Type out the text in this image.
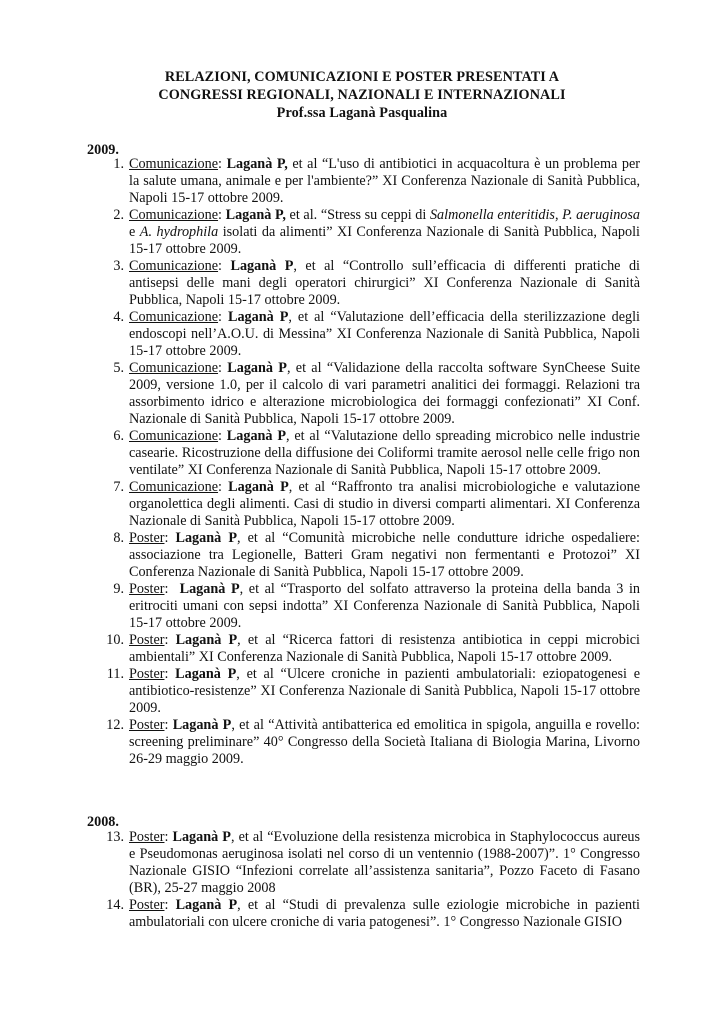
RELAZIONI, COMUNICAZIONI E POSTER PRESENTATI A
CONGRESSI REGIONALI, NAZIONALI E INTERNAZIONALI
Prof.ssa Laganà Pasqualina
2009.
1. Comunicazione: Laganà P, et al “L'uso di antibiotici in acquacoltura è un problema per la salute umana, animale e per l'ambiente?” XI Conferenza Nazionale di Sanità Pubblica, Napoli 15-17 ottobre 2009.
2. Comunicazione: Laganà P, et al. “Stress su ceppi di Salmonella enteritidis, P. aeruginosa e A. hydrophila isolati da alimenti” XI Conferenza Nazionale di Sanità Pubblica, Napoli 15-17 ottobre 2009.
3. Comunicazione: Laganà P, et al “Controllo sull’efficacia di differenti pratiche di antisepsi delle mani degli operatori chirurgici” XI Conferenza Nazionale di Sanità Pubblica, Napoli 15-17 ottobre 2009.
4. Comunicazione: Laganà P, et al “Valutazione dell’efficacia della sterilizzazione degli endoscopi nell’A.O.U. di Messina” XI Conferenza Nazionale di Sanità Pubblica, Napoli 15-17 ottobre 2009.
5. Comunicazione: Laganà P, et al “Validazione della raccolta software SynCheese Suite 2009, versione 1.0, per il calcolo di vari parametri analitici dei formaggi. Relazioni tra assorbimento idrico e alterazione microbiologica dei formaggi confezionati” XI Conf. Nazionale di Sanità Pubblica, Napoli 15-17 ottobre 2009.
6. Comunicazione: Laganà P, et al “Valutazione dello spreading microbico nelle industrie casearie. Ricostruzione della diffusione dei Coliformi tramite aerosol nelle celle frigo non ventilate” XI Conferenza Nazionale di Sanità Pubblica, Napoli 15-17 ottobre 2009.
7. Comunicazione: Laganà P, et al “Raffronto tra analisi microbiologiche e valutazione organolettica degli alimenti. Casi di studio in diversi comparti alimentari. XI Conferenza Nazionale di Sanità Pubblica, Napoli 15-17 ottobre 2009.
8. Poster: Laganà P, et al “Comunità microbiche nelle condutture idriche ospedaliere: associazione tra Legionelle, Batteri Gram negativi non fermentanti e Protozoi” XI Conferenza Nazionale di Sanità Pubblica, Napoli 15-17 ottobre 2009.
9. Poster:  Laganà P, et al “Trasporto del solfato attraverso la proteina della banda 3 in eritrociti umani con sepsi indotta” XI Conferenza Nazionale di Sanità Pubblica, Napoli 15-17 ottobre 2009.
10. Poster: Laganà P, et al “Ricerca fattori di resistenza antibiotica in ceppi microbici ambientali” XI Conferenza Nazionale di Sanità Pubblica, Napoli 15-17 ottobre 2009.
11. Poster: Laganà P, et al “Ulcere croniche in pazienti ambulatoriali: eziopatogenesi e antibiotico-resistenze” XI Conferenza Nazionale di Sanità Pubblica, Napoli 15-17 ottobre 2009.
12. Poster: Laganà P, et al “Attività antibatterica ed emolitica in spigola, anguilla e rovello: screening preliminare” 40° Congresso della Società Italiana di Biologia Marina, Livorno 26-29 maggio 2009.
2008.
13. Poster: Laganà P, et al “Evoluzione della resistenza microbica in Staphylococcus aureus e Pseudomonas aeruginosa isolati nel corso di un ventennio (1988-2007)”. 1° Congresso Nazionale GISIO “Infezioni correlate all’assistenza sanitaria”, Pozzo Faceto di Fasano (BR), 25-27 maggio 2008
14. Poster: Laganà P, et al “Studi di prevalenza sulle eziologie microbiche in pazienti ambulatoriali con ulcere croniche di varia patogenesi”. 1° Congresso Nazionale GISIO
